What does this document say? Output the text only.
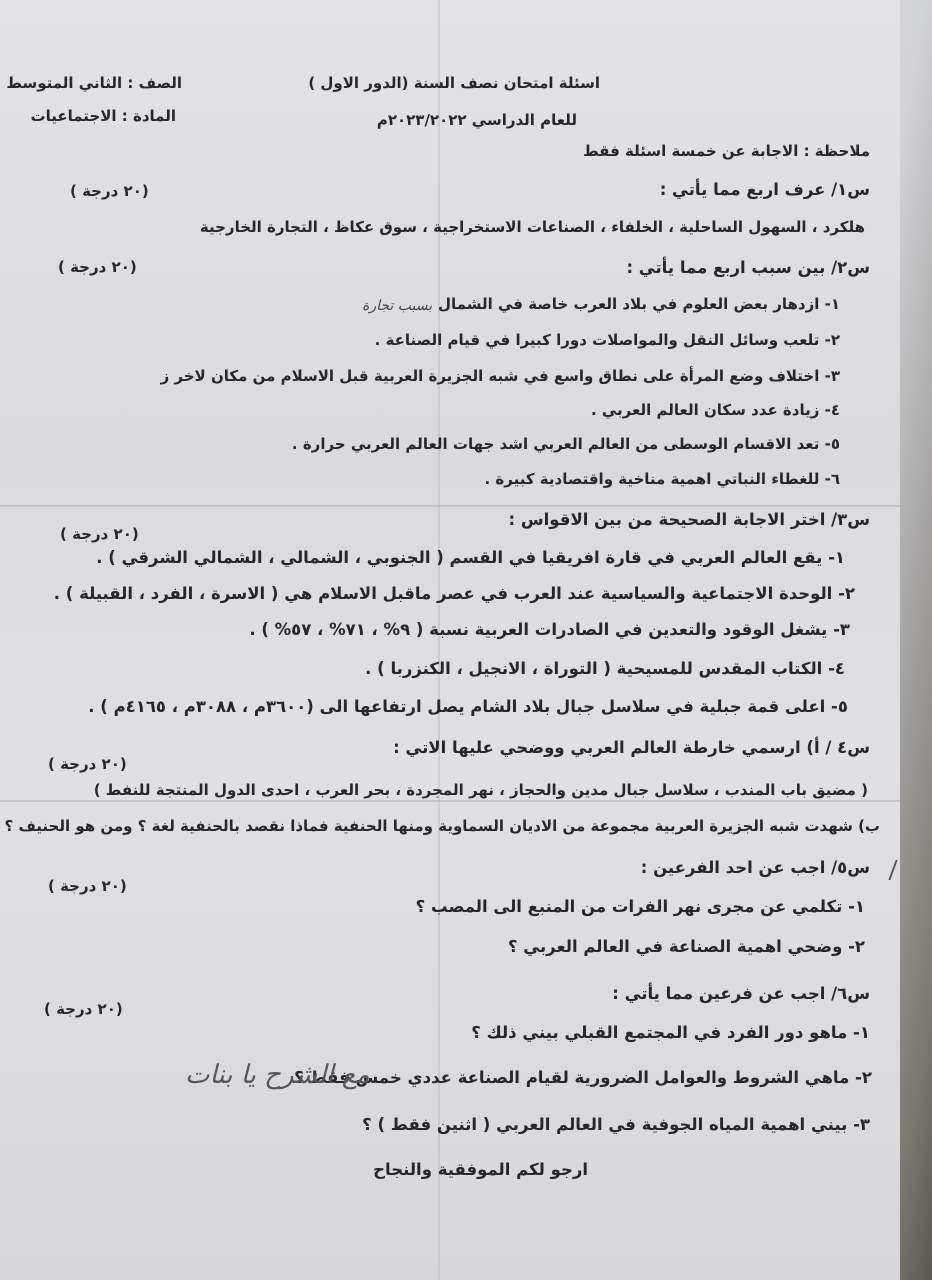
الصف : الثاني المتوسط
المادة : الاجتماعيات
اسئلة امتحان نصف السنة (الدور الاول )
للعام الدراسي ٢٠٢٣/٢٠٢٢م
ملاحظة : الاجابة عن خمسة اسئلة فقط
س١/ عرف اربع مما يأتي :
(٢٠ درجة )
هلكرد ، السهول الساحلية ، الخلفاء ، الصناعات الاستخراجية ، سوق عكاظ ، التجارة الخارجية
(٢٠ درجة )	س٢/ بين سبب اربع مما يأتي :
١- ازدهار بعض العلوم في بلاد العرب خاصة في الشمال
بسبب تجارة
٢- تلعب وسائل النقل والمواصلات دورا كبيرا في قيام الصناعة .
٣- اختلاف وضع المرأة على نطاق واسع في شبه الجزيرة العربية قبل الاسلام من مكان لاخر ز
٤- زيادة عدد سكان العالم العربي .
٥- تعد الاقسام الوسطى من العالم العربي اشد جهات العالم العربي حرارة .
٦- للغطاء النباتي اهمية مناخية واقتصادية كبيرة .
س٣/ اختر الاجابة الصحيحة من بين الاقواس :
(٢٠ درجة )
١- يقع العالم العربي في قارة افريقيا في القسم ( الجنوبي ، الشمالي ، الشمالي الشرقي ) .
٢- الوحدة الاجتماعية والسياسية عند العرب في عصر ماقبل الاسلام هي ( الاسرة ، الفرد ، القبيلة ) .
٣- يشغل الوقود والتعدين في الصادرات العربية نسبة ( ٩% ، ٧١% ، ٥٧% ) .
٤- الكتاب المقدس للمسيحية ( التوراة ، الانجيل ، الكنزربا ) .
٥- اعلى قمة جبلية في سلاسل جبال بلاد الشام يصل ارتفاعها الى (٣٦٠٠م ، ٣٠٨٨م ، ٤١٦٥م ) .
س٤ / أ) ارسمي خارطة العالم العربي ووضحي عليها الاتي :
(٢٠ درجة )
( مضيق باب المندب ، سلاسل جبال مدين والحجاز ، نهر المجردة ، بحر العرب ، احدى الدول المنتجة للنفط )
ب) شهدت شبه الجزيرة العربية مجموعة من الاديان السماوية ومنها الحنفية فماذا نقصد بالحنفية لغة ؟ ومن هو الحنيف ؟
س٥/ اجب عن احد الفرعين :
(٢٠ درجة )
١- تكلمي عن مجرى نهر الفرات من المنبع الى المصب ؟
٢- وضحي اهمية الصناعة في العالم العربي ؟
س٦/ اجب عن فرعين مما يأتي :
(٢٠ درجة )
١- ماهو دور الفرد في المجتمع القبلي بيني ذلك ؟
٢- ماهي الشروط والعوامل الضرورية لقيام الصناعة عددي خمس فقط ؟
مع الشرح يا بنات
٣- بيني اهمية المياه الجوفية في العالم العربي ( اثنين فقط ) ؟
ارجو لكم الموفقية والنجاح
